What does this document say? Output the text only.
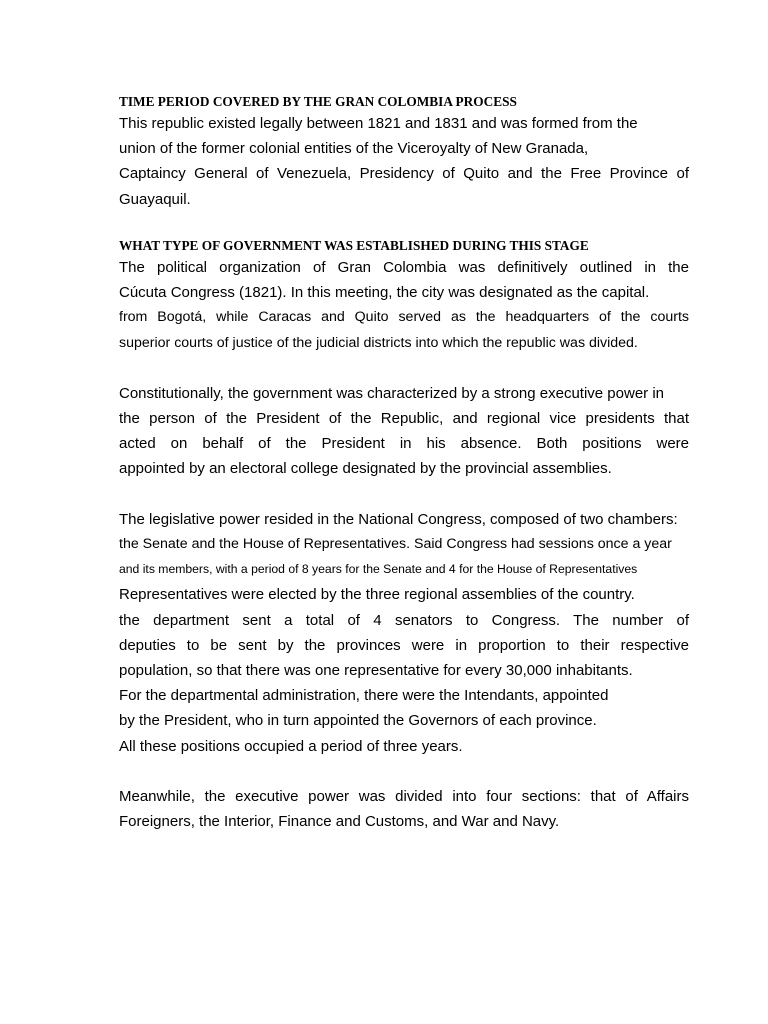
TIME PERIOD COVERED BY THE GRAN COLOMBIA PROCESS
This republic existed legally between 1821 and 1831 and was formed from the
union of the former colonial entities of the Viceroyalty of New Granada,
Captaincy General of Venezuela, Presidency of Quito and the Free Province of
Guayaquil.
WHAT TYPE OF GOVERNMENT WAS ESTABLISHED DURING THIS STAGE
The political organization of Gran Colombia was definitively outlined in the
Cúcuta Congress (1821). In this meeting, the city was designated as the capital.
from Bogotá, while Caracas and Quito served as the headquarters of the courts
superior courts of justice of the judicial districts into which the republic was divided.
Constitutionally, the government was characterized by a strong executive power in
the person of the President of the Republic, and regional vice presidents that
acted on behalf of the President in his absence. Both positions were
appointed by an electoral college designated by the provincial assemblies.
The legislative power resided in the National Congress, composed of two chambers:
the Senate and the House of Representatives. Said Congress had sessions once a year
and its members, with a period of 8 years for the Senate and 4 for the House of Representatives
Representatives were elected by the three regional assemblies of the country.
the department sent a total of 4 senators to Congress. The number of
deputies to be sent by the provinces were in proportion to their respective
population, so that there was one representative for every 30,000 inhabitants.
For the departmental administration, there were the Intendants, appointed
by the President, who in turn appointed the Governors of each province.
All these positions occupied a period of three years.
Meanwhile, the executive power was divided into four sections: that of Affairs
Foreigners, the Interior, Finance and Customs, and War and Navy.
